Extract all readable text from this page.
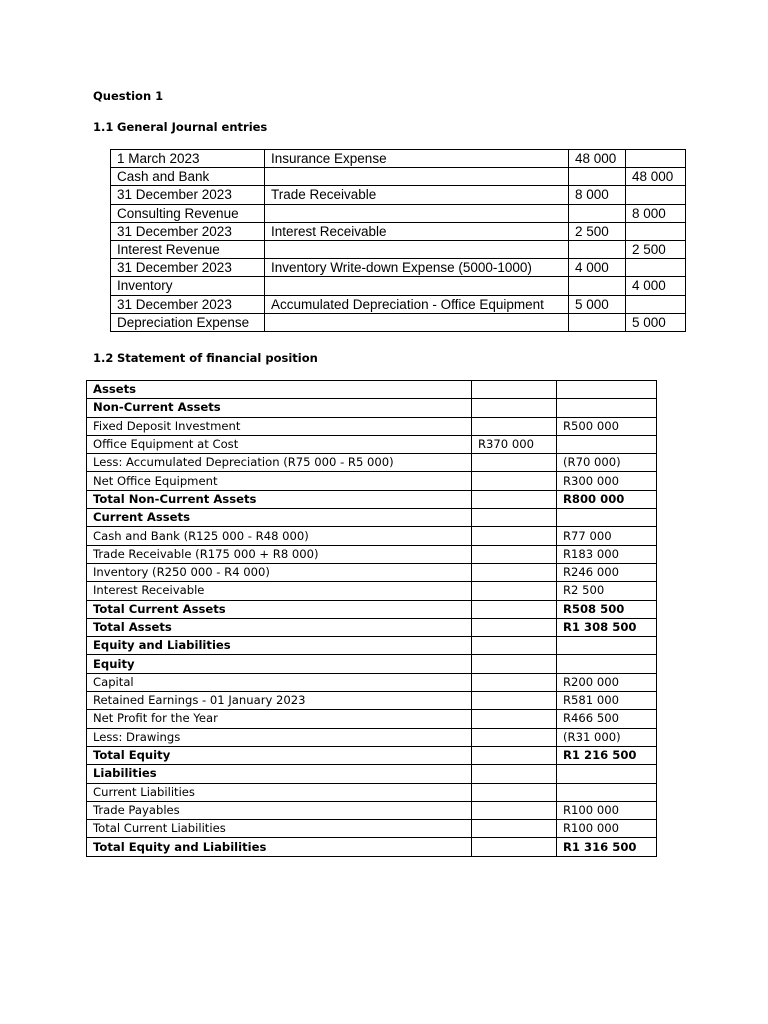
Question 1
1.1 General Journal entries
1 March 2023	Insurance Expense	48 000	
Cash and Bank			48 000
31 December 2023	Trade Receivable	8 000	
Consulting Revenue			8 000
31 December 2023	Interest Receivable	2 500	
Interest Revenue			2 500
31 December 2023	Inventory Write-down Expense (5000-1000)	4 000	
Inventory			4 000
31 December 2023	Accumulated Depreciation - Office Equipment	5 000	
Depreciation Expense			5 000
1.2 Statement of financial position
Assets		
Non-Current Assets		
Fixed Deposit Investment		R500 000
Office Equipment at Cost	R370 000	
Less: Accumulated Depreciation (R75 000 - R5 000)		(R70 000)
Net Office Equipment		R300 000
Total Non-Current Assets		R800 000
Current Assets		
Cash and Bank (R125 000 - R48 000)		R77 000
Trade Receivable (R175 000 + R8 000)		R183 000
Inventory (R250 000 - R4 000)		R246 000
Interest Receivable		R2 500
Total Current Assets		R508 500
Total Assets		R1 308 500
Equity and Liabilities		
Equity		
Capital		R200 000
Retained Earnings - 01 January 2023		R581 000
Net Profit for the Year		R466 500
Less: Drawings		(R31 000)
Total Equity		R1 216 500
Liabilities		
Current Liabilities		
Trade Payables		R100 000
Total Current Liabilities		R100 000
Total Equity and Liabilities		R1 316 500
